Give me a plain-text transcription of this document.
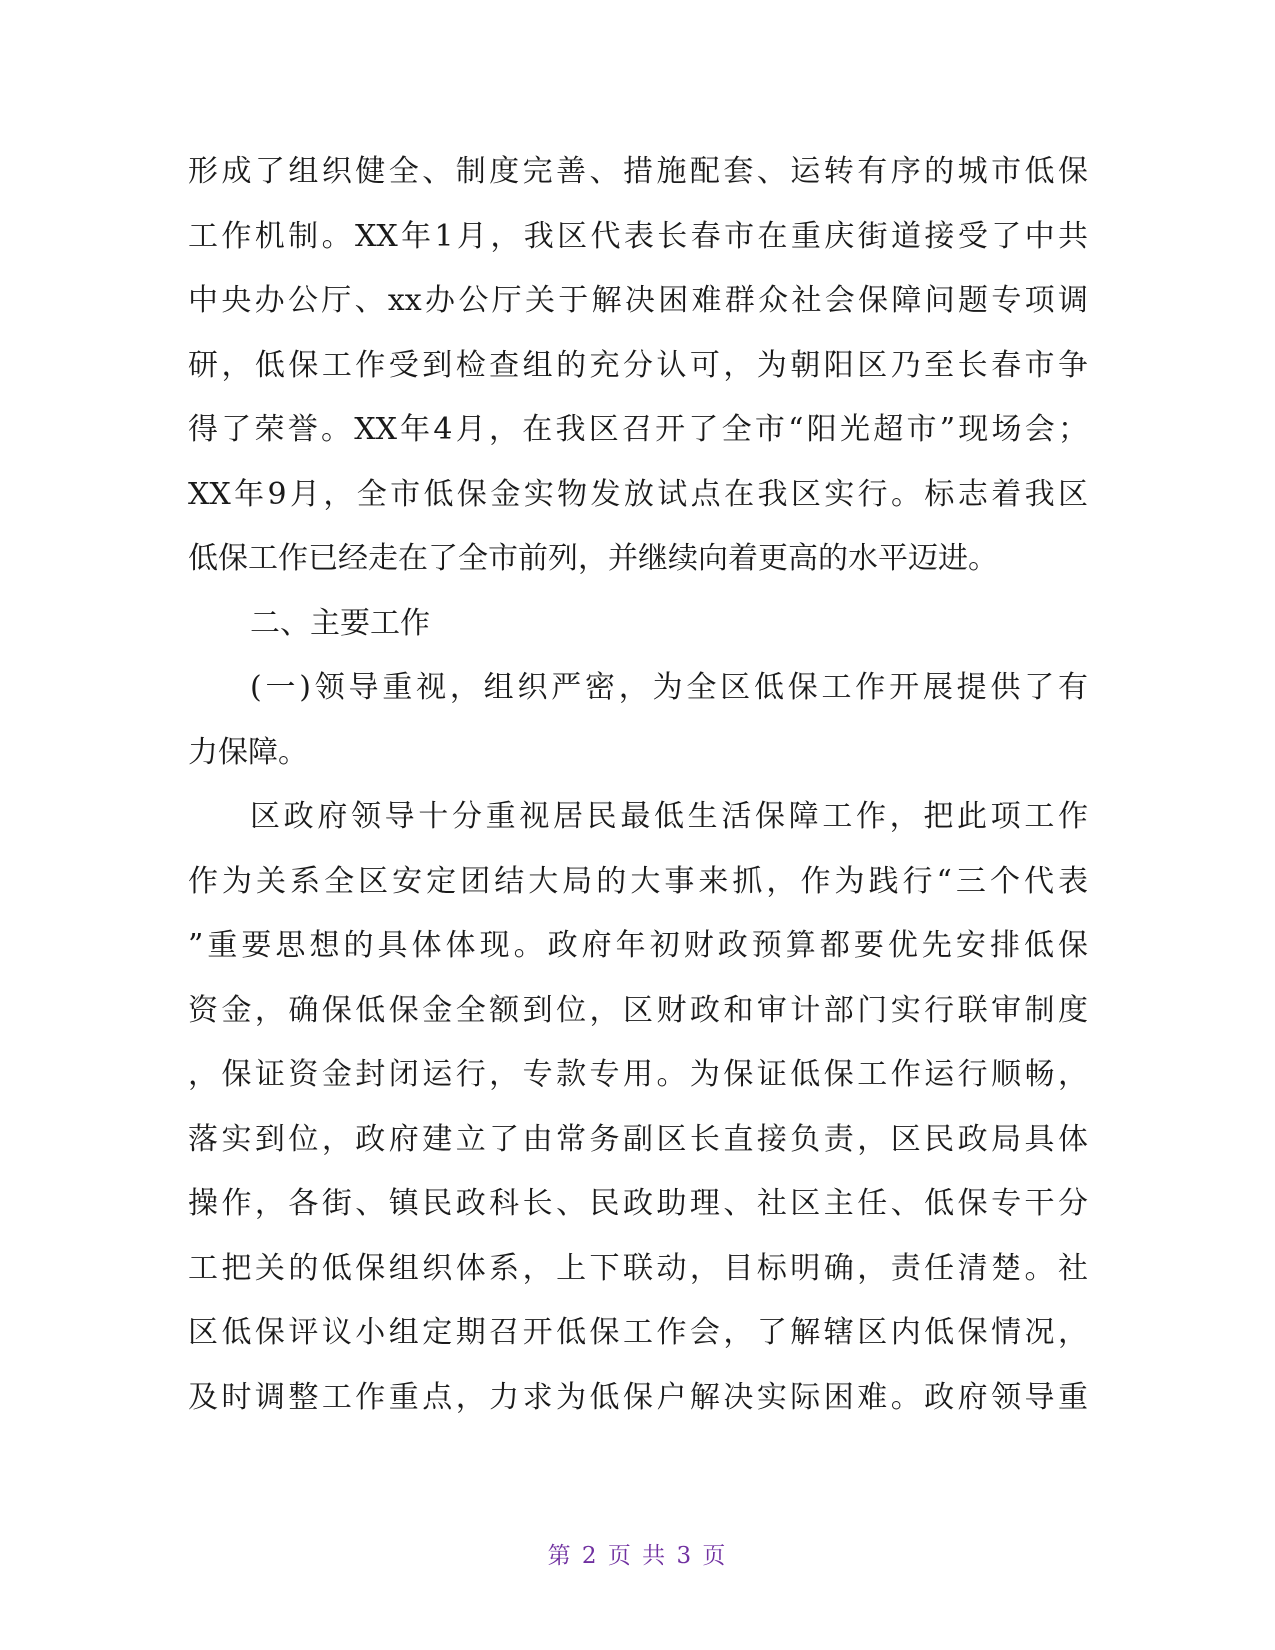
形成了组织健全、制度完善、措施配套、运转有序的城市低保
工作机制。XX年1月，我区代表长春市在重庆街道接受了中共
中央办公厅、xx办公厅关于解决困难群众社会保障问题专项调
研，低保工作受到检查组的充分认可，为朝阳区乃至长春市争
得了荣誉。XX年4月，在我区召开了全市“阳光超市”现场会；
XX年9月，全市低保金实物发放试点在我区实行。标志着我区
低保工作已经走在了全市前列，并继续向着更高的水平迈进。
二、主要工作
(一)领导重视，组织严密，为全区低保工作开展提供了有
力保障。
区政府领导十分重视居民最低生活保障工作，把此项工作
作为关系全区安定团结大局的大事来抓，作为践行“三个代表
”重要思想的具体体现。政府年初财政预算都要优先安排低保
资金，确保低保金全额到位，区财政和审计部门实行联审制度
，保证资金封闭运行，专款专用。为保证低保工作运行顺畅，
落实到位，政府建立了由常务副区长直接负责，区民政局具体
操作，各街、镇民政科长、民政助理、社区主任、低保专干分
工把关的低保组织体系，上下联动，目标明确，责任清楚。社
区低保评议小组定期召开低保工作会，了解辖区内低保情况，
及时调整工作重点，力求为低保户解决实际困难。政府领导重
第 2 页 共 3 页
